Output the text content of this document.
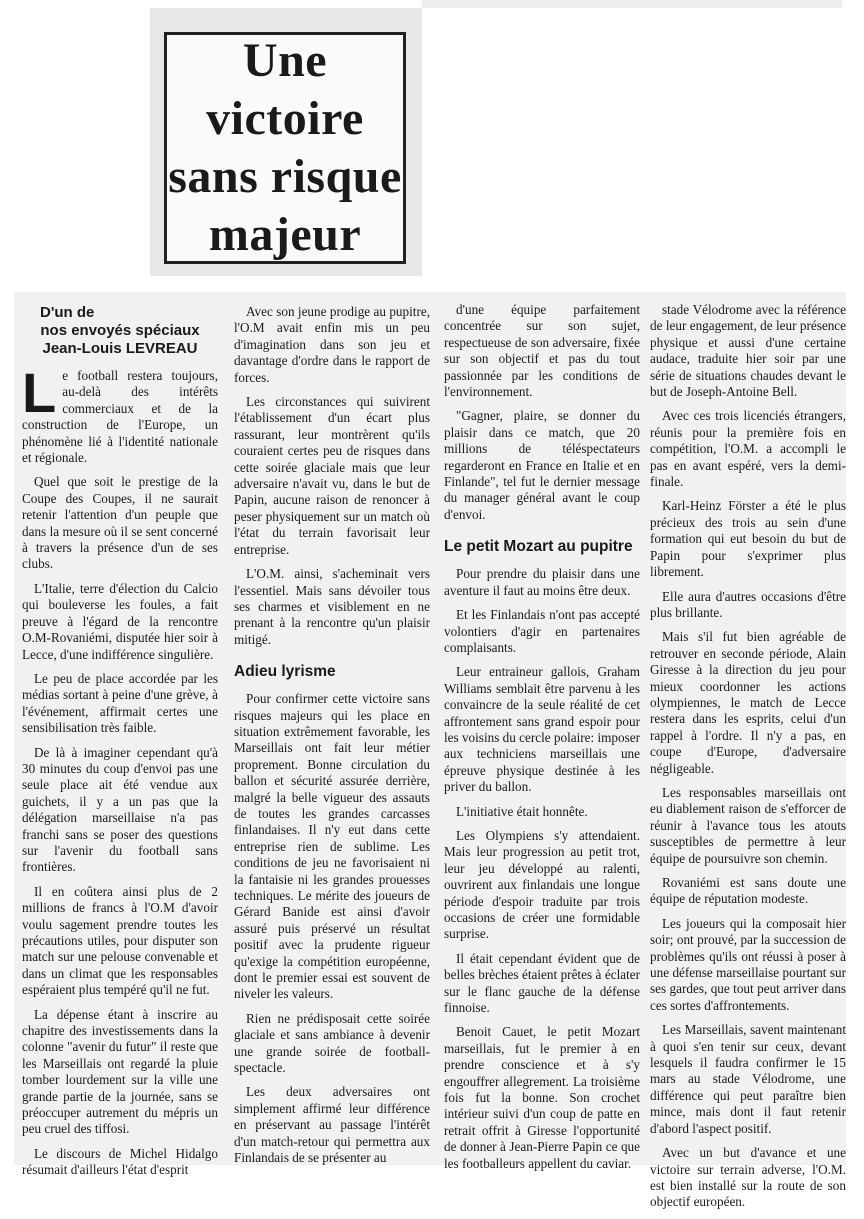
Une victoire
sans risque
majeur
D'un de
nos envoyés spéciaux
Jean-Louis LEVREAU

Le football restera toujours, au-delà des intérêts commerciaux et de la construction de l'Europe, un phénomène lié à l'identité nationale et régionale.

Quel que soit le prestige de la Coupe des Coupes, il ne saurait retenir l'attention d'un peuple que dans la mesure où il se sent concerné à travers la présence d'un de ses clubs.

L'Italie, terre d'élection du Calcio qui bouleverse les foules, a fait preuve à l'égard de la rencontre O.M-Rovaniémi, disputée hier soir à Lecce, d'une indifférence singulière.

Le peu de place accordée par les médias sortant à peine d'une grève, à l'événement, affirmait certes une sensibilisation très faible.

De là à imaginer cependant qu'à 30 minutes du coup d'envoi pas une seule place ait été vendue aux guichets, il y a un pas que la délégation marseillaise n'a pas franchi sans se poser des questions sur l'avenir du football sans frontières.

Il en coûtera ainsi plus de 2 millions de francs à l'O.M d'avoir voulu sagement prendre toutes les précautions utiles, pour disputer son match sur une pelouse convenable et dans un climat que les responsables espéraient plus tempéré qu'il ne fut.

La dépense étant à inscrire au chapitre des investissements dans la colonne "avenir du futur" il reste que les Marseillais ont regardé la pluie tomber lourdement sur la ville une grande partie de la journée, sans se préoccuper autrement du mépris un peu cruel des tiffosi.

Le discours de Michel Hidalgo résumait d'ailleurs l'état d'esprit

Avec son jeune prodige au pupitre, l'O.M avait enfin mis un peu d'imagination dans son jeu et davantage d'ordre dans le rapport de forces.

Les circonstances qui suivirent l'établissement d'un écart plus rassurant, leur montrèrent qu'ils couraient certes peu de risques dans cette soirée glaciale mais que leur adversaire n'avait vu, dans le but de Papin, aucune raison de renoncer à peser physiquement sur un match où l'état du terrain favorisait leur entreprise.

L'O.M. ainsi, s'acheminait vers l'essentiel. Mais sans dévoiler tous ses charmes et visiblement en ne prenant à la rencontre qu'un plaisir mitigé.

Adieu lyrisme

Pour confirmer cette victoire sans risques majeurs qui les place en situation extrêmement favorable, les Marseillais ont fait leur métier proprement. Bonne circulation du ballon et sécurité assurée derrière, malgré la belle vigueur des assauts de toutes les grandes carcasses finlandaises. Il n'y eut dans cette entreprise rien de sublime. Les conditions de jeu ne favorisaient ni la fantaisie ni les grandes prouesses techniques. Le mérite des joueurs de Gérard Banide est ainsi d'avoir assuré puis préservé un résultat positif avec la prudente rigueur qu'exige la compétition européenne, dont le premier essai est souvent de niveler les valeurs.

Rien ne prédisposait cette soirée glaciale et sans ambiance à devenir une grande soirée de football-spectacle.

Les deux adversaires ont simplement affirmé leur différence en préservant au passage l'intérêt d'un match-retour qui permettra aux Finlandais de se présenter au

d'une équipe parfaitement concentrée sur son sujet, respectueuse de son adversaire, fixée sur son objectif et pas du tout passionnée par les conditions de l'environnement.

"Gagner, plaire, se donner du plaisir dans ce match, que 20 millions de téléspectateurs regarderont en France en Italie et en Finlande", tel fut le dernier message du manager général avant le coup d'envoi.

Le petit Mozart au pupitre

Pour prendre du plaisir dans une aventure il faut au moins être deux.

Et les Finlandais n'ont pas accepté volontiers d'agir en partenaires complaisants.

Leur entraineur gallois, Graham Williams semblait être parvenu à les convaincre de la seule réalité de cet affrontement sans grand espoir pour les voisins du cercle polaire: imposer aux techniciens marseillais une épreuve physique destinée à les priver du ballon.

L'initiative était honnête.

Les Olympiens s'y attendaient. Mais leur progression au petit trot, leur jeu développé au ralenti, ouvrirent aux finlandais une longue période d'espoir traduite par trois occasions de créer une formidable surprise.

Il était cependant évident que de belles brèches étaient prêtes à éclater sur le flanc gauche de la défense finnoise.

Benoit Cauet, le petit Mozart marseillais, fut le premier à en prendre conscience et à s'y engouffrer allegrement. La troisième fois fut la bonne. Son crochet intérieur suivi d'un coup de patte en retrait offrit à Giresse l'opportunité de donner à Jean-Pierre Papin ce que les footballeurs appellent du caviar.

stade Vélodrome avec la référence de leur engagement, de leur présence physique et aussi d'une certaine audace, traduite hier soir par une série de situations chaudes devant le but de Joseph-Antoine Bell.

Avec ces trois licenciés étrangers, réunis pour la première fois en compétition, l'O.M. a accompli le pas en avant espéré, vers la demi-finale.

Karl-Heinz Förster a été le plus précieux des trois au sein d'une formation qui eut besoin du but de Papin pour s'exprimer plus librement.

Elle aura d'autres occasions d'être plus brillante.

Mais s'il fut bien agréable de retrouver en seconde période, Alain Giresse à la direction du jeu pour mieux coordonner les actions olympiennes, le match de Lecce restera dans les esprits, celui d'un rappel à l'ordre. Il n'y a pas, en coupe d'Europe, d'adversaire négligeable.

Les responsables marseillais ont eu diablement raison de s'efforcer de réunir à l'avance tous les atouts susceptibles de permettre à leur équipe de poursuivre son chemin.

Rovaniémi est sans doute une équipe de réputation modeste.

Les joueurs qui la composait hier soir; ont prouvé, par la succession de problèmes qu'ils ont réussi à poser à une défense marseillaise pourtant sur ses gardes, que tout peut arriver dans ces sortes d'affrontements.

Les Marseillais, savent maintenant à quoi s'en tenir sur ceux, devant lesquels il faudra confirmer le 15 mars au stade Vélodrome, une différence qui peut paraître bien mince, mais dont il faut retenir d'abord l'aspect positif.

Avec un but d'avance et une victoire sur terrain adverse, l'O.M. est bien installé sur la route de son objectif européen.
